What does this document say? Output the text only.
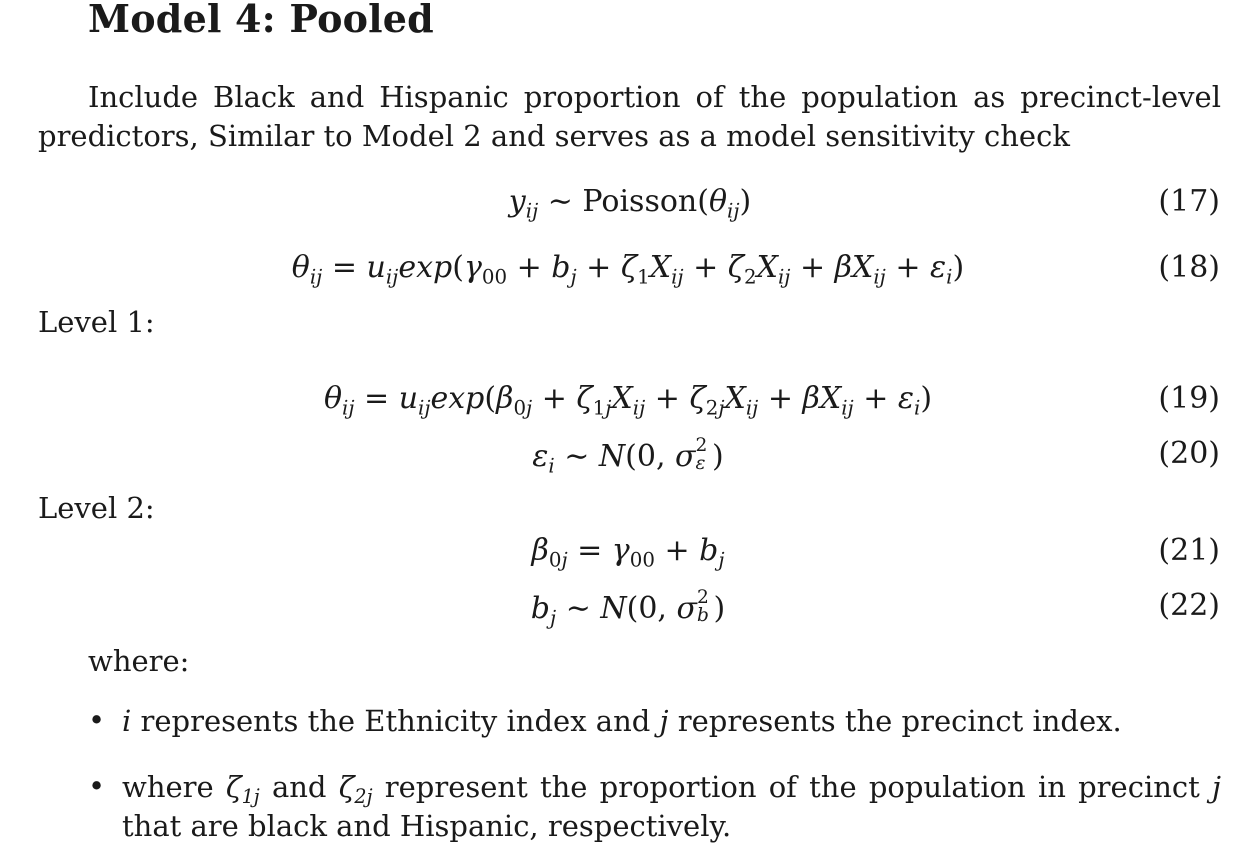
Model 4: Pooled
Include Black and Hispanic proportion of the population as precinct-level predictors, Similar to Model 2 and serves as a model sensitivity check
$y_{ij}$ ∼ $Poisson(\theta_{ij})$	(17)
$\theta_{ij} = u_{ij}\exp(\gamma_{00} + b_j + \zeta_1X_{ij} + \zeta_2X_{ij} + \beta X_{ij} + \varepsilon_i)$	(18)
Level 1:
$\theta_{ij} = u_{ij}\exp(\beta_{0j} + \zeta_{1j}X_{ij} + \zeta_{2j}X_{ij} + \beta X_{ij} + \varepsilon_i)$	(19)
$\varepsilon_i$ ∼ N(0, σ 2
ε )	(20)
Level 2:
$\beta_{0j} = \gamma_{00} + b_j$	(21)
$b_j$ ∼ N(0, σ 2
b )	(22)
where:
• i represents the Ethnicity index and j represents the precinct index.
• where $\zeta_{1j}$ and $\zeta_{2j}$ represent the proportion of the population in precinct j that are black and Hispanic, respectively.
